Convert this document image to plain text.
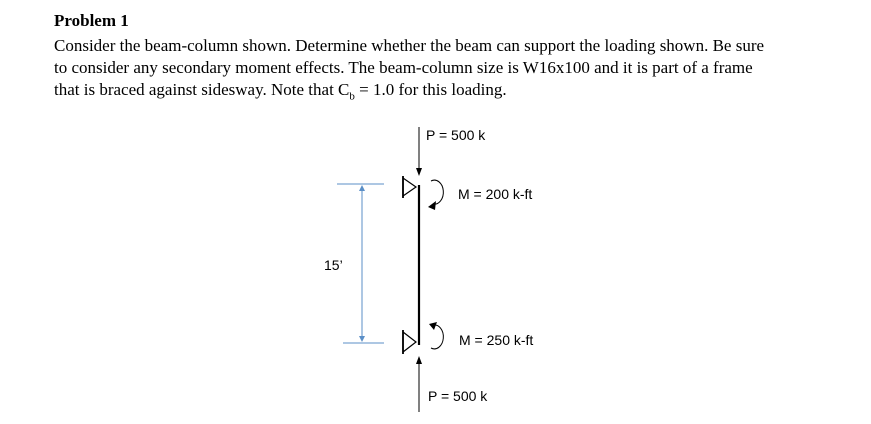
Problem 1
Consider the beam-column shown. Determine whether the beam can support the loading shown. Be sure
to consider any secondary moment effects. The beam-column size is W16x100 and it is part of a frame
that is braced against sidesway. Note that $C_b = 1.0$ for this loading.
P = 500 k
M = 200 k-ft
M = 250 k-ft
P = 500 k
15’
